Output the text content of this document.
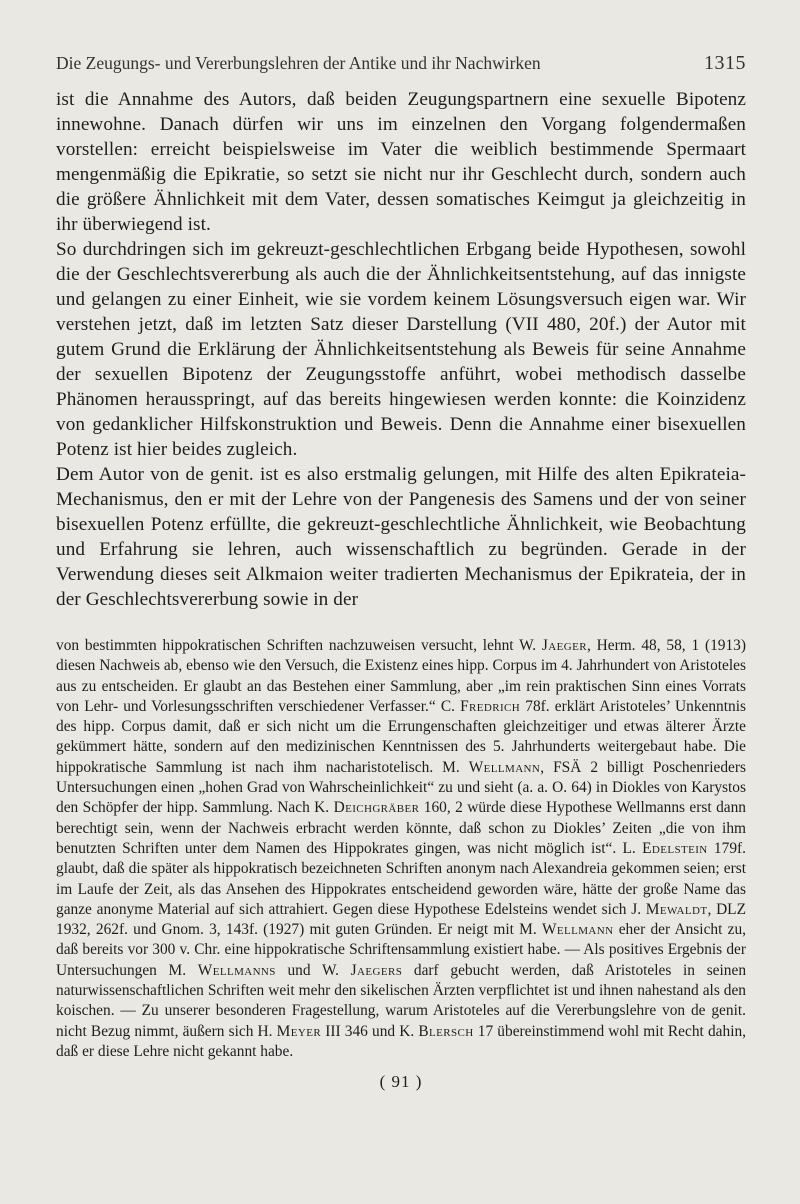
Die Zeugungs- und Vererbungslehren der Antike und ihr Nachwirken	1315

ist die Annahme des Autors, daß beiden Zeugungspartnern eine sexuelle Bipotenz innewohne. Danach dürfen wir uns im einzelnen den Vorgang folgendermaßen vorstellen: erreicht beispielsweise im Vater die weiblich bestimmende Spermaart mengenmäßig die Epikratie, so setzt sie nicht nur ihr Geschlecht durch, sondern auch die größere Ähnlichkeit mit dem Vater, dessen somatisches Keimgut ja gleichzeitig in ihr überwiegend ist.

So durchdringen sich im gekreuzt-geschlechtlichen Erbgang beide Hypothesen, sowohl die der Geschlechtsvererbung als auch die der Ähnlichkeitsentstehung, auf das innigste und gelangen zu einer Einheit, wie sie vordem keinem Lösungsversuch eigen war. Wir verstehen jetzt, daß im letzten Satz dieser Darstellung (VII 480, 20f.) der Autor mit gutem Grund die Erklärung der Ähnlichkeitsentstehung als Beweis für seine Annahme der sexuellen Bipotenz der Zeugungsstoffe anführt, wobei methodisch dasselbe Phänomen herausspringt, auf das bereits hingewiesen werden konnte: die Koinzidenz von gedanklicher Hilfskonstruktion und Beweis. Denn die Annahme einer bisexuellen Potenz ist hier beides zugleich.

Dem Autor von de genit. ist es also erstmalig gelungen, mit Hilfe des alten Epikrateia-Mechanismus, den er mit der Lehre von der Pangenesis des Samens und der von seiner bisexuellen Potenz erfüllte, die gekreuzt-geschlechtliche Ähnlichkeit, wie Beobachtung und Erfahrung sie lehren, auch wissenschaftlich zu begründen. Gerade in der Verwendung dieses seit Alkmaion weiter tradierten Mechanismus der Epikrateia, der in der Geschlechtsvererbung sowie in der

von bestimmten hippokratischen Schriften nachzuweisen versucht, lehnt W. Jaeger, Herm. 48, 58, 1 (1913) diesen Nachweis ab, ebenso wie den Versuch, die Existenz eines hipp. Corpus im 4. Jahrhundert von Aristoteles aus zu entscheiden. Er glaubt an das Bestehen einer Sammlung, aber „im rein praktischen Sinn eines Vorrats von Lehr- und Vorlesungsschriften verschiedener Verfasser.“ C. Fredrich 78f. erklärt Aristoteles’ Unkenntnis des hipp. Corpus damit, daß er sich nicht um die Errungenschaften gleichzeitiger und etwas älterer Ärzte gekümmert hätte, sondern auf den medizinischen Kenntnissen des 5. Jahrhunderts weitergebaut habe. Die hippokratische Sammlung ist nach ihm nacharistotelisch. M. Wellmann, FSÄ 2 billigt Poschenrieders Untersuchungen einen „hohen Grad von Wahrscheinlichkeit“ zu und sieht (a. a. O. 64) in Diokles von Karystos den Schöpfer der hipp. Sammlung. Nach K. Deichgräber 160, 2 würde diese Hypothese Wellmanns erst dann berechtigt sein, wenn der Nachweis erbracht werden könnte, daß schon zu Diokles’ Zeiten „die von ihm benutzten Schriften unter dem Namen des Hippokrates gingen, was nicht möglich ist“. L. Edelstein 179f. glaubt, daß die später als hippokratisch bezeichneten Schriften anonym nach Alexandreia gekommen seien; erst im Laufe der Zeit, als das Ansehen des Hippokrates entscheidend geworden wäre, hätte der große Name das ganze anonyme Material auf sich attrahiert. Gegen diese Hypothese Edelsteins wendet sich J. Mewaldt, DLZ 1932, 262f. und Gnom. 3, 143f. (1927) mit guten Gründen. Er neigt mit M. Wellmann eher der Ansicht zu, daß bereits vor 300 v. Chr. eine hippokratische Schriftensammlung existiert habe. — Als positives Ergebnis der Untersuchungen M. Wellmanns und W. Jaegers darf gebucht werden, daß Aristoteles in seinen naturwissenschaftlichen Schriften weit mehr den sikelischen Ärzten verpflichtet ist und ihnen nahestand als den koischen. — Zu unserer besonderen Fragestellung, warum Aristoteles auf die Vererbungslehre von de genit. nicht Bezug nimmt, äußern sich H. Meyer III 346 und K. Blersch 17 übereinstimmend wohl mit Recht dahin, daß er diese Lehre nicht gekannt habe.

( 91 )
